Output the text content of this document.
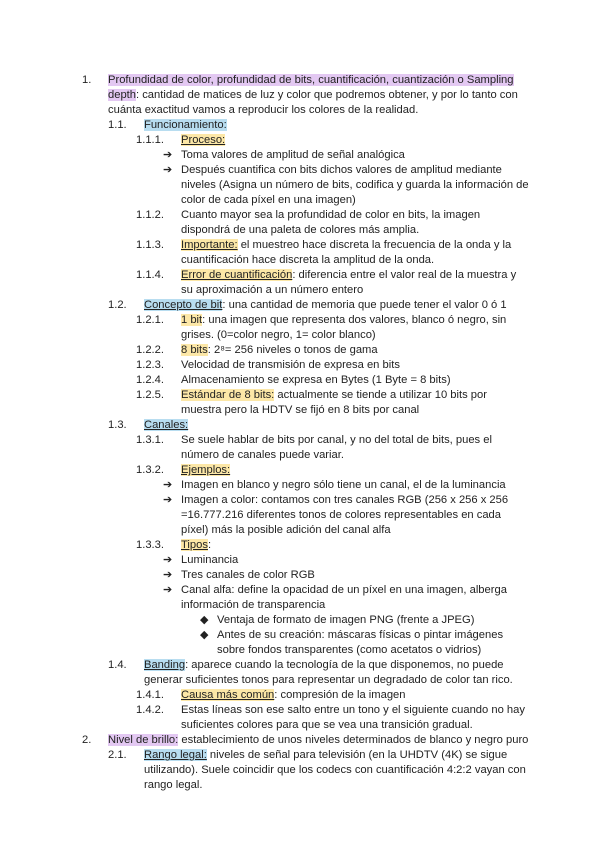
1. Profundidad de color, profundidad de bits, cuantificación, cuantización o Sampling
depth: cantidad de matices de luz y color que podremos obtener, y por lo tanto con
cuánta exactitud vamos a reproducir los colores de la realidad.
1.1. Funcionamiento:
1.1.1. Proceso:
➔ Toma valores de amplitud de señal analógica
➔ Después cuantifica con bits dichos valores de amplitud mediante
niveles (Asigna un número de bits, codifica y guarda la información de
color de cada píxel en una imagen)
1.1.2. Cuanto mayor sea la profundidad de color en bits, la imagen
dispondrá de una paleta de colores más amplia.
1.1.3. Importante: el muestreo hace discreta la frecuencia de la onda y la
cuantificación hace discreta la amplitud de la onda.
1.1.4. Error de cuantificación: diferencia entre el valor real de la muestra y
su aproximación a un número entero
1.2. Concepto de bit: una cantidad de memoria que puede tener el valor 0 ó 1
1.2.1. 1 bit: una imagen que representa dos valores, blanco ó negro, sin
grises. (0=color negro, 1= color blanco)
1.2.2. 8 bits: 2⁸= 256 niveles o tonos de gama
1.2.3. Velocidad de transmisión de expresa en bits
1.2.4. Almacenamiento se expresa en Bytes (1 Byte = 8 bits)
1.2.5. Estándar de 8 bits: actualmente se tiende a utilizar 10 bits por
muestra pero la HDTV se fijó en 8 bits por canal
1.3. Canales:
1.3.1. Se suele hablar de bits por canal, y no del total de bits, pues el
número de canales puede variar.
1.3.2. Ejemplos:
➔ Imagen en blanco y negro sólo tiene un canal, el de la luminancia
➔ Imagen a color: contamos con tres canales RGB (256 x 256 x 256
=16.777.216 diferentes tonos de colores representables en cada
píxel) más la posible adición del canal alfa
1.3.3. Tipos:
➔ Luminancia
➔ Tres canales de color RGB
➔ Canal alfa: define la opacidad de un píxel en una imagen, alberga
información de transparencia
◆ Ventaja de formato de imagen PNG (frente a JPEG)
◆ Antes de su creación: máscaras físicas o pintar imágenes
sobre fondos transparentes (como acetatos o vidrios)
1.4. Banding: aparece cuando la tecnología de la que disponemos, no puede
generar suficientes tonos para representar un degradado de color tan rico.
1.4.1. Causa más común: compresión de la imagen
1.4.2. Estas líneas son ese salto entre un tono y el siguiente cuando no hay
suficientes colores para que se vea una transición gradual.
2. Nivel de brillo: establecimiento de unos niveles determinados de blanco y negro puro
2.1. Rango legal: niveles de señal para televisión (en la UHDTV (4K) se sigue
utilizando). Suele coincidir que los codecs con cuantificación 4:2:2 vayan con
rango legal.
